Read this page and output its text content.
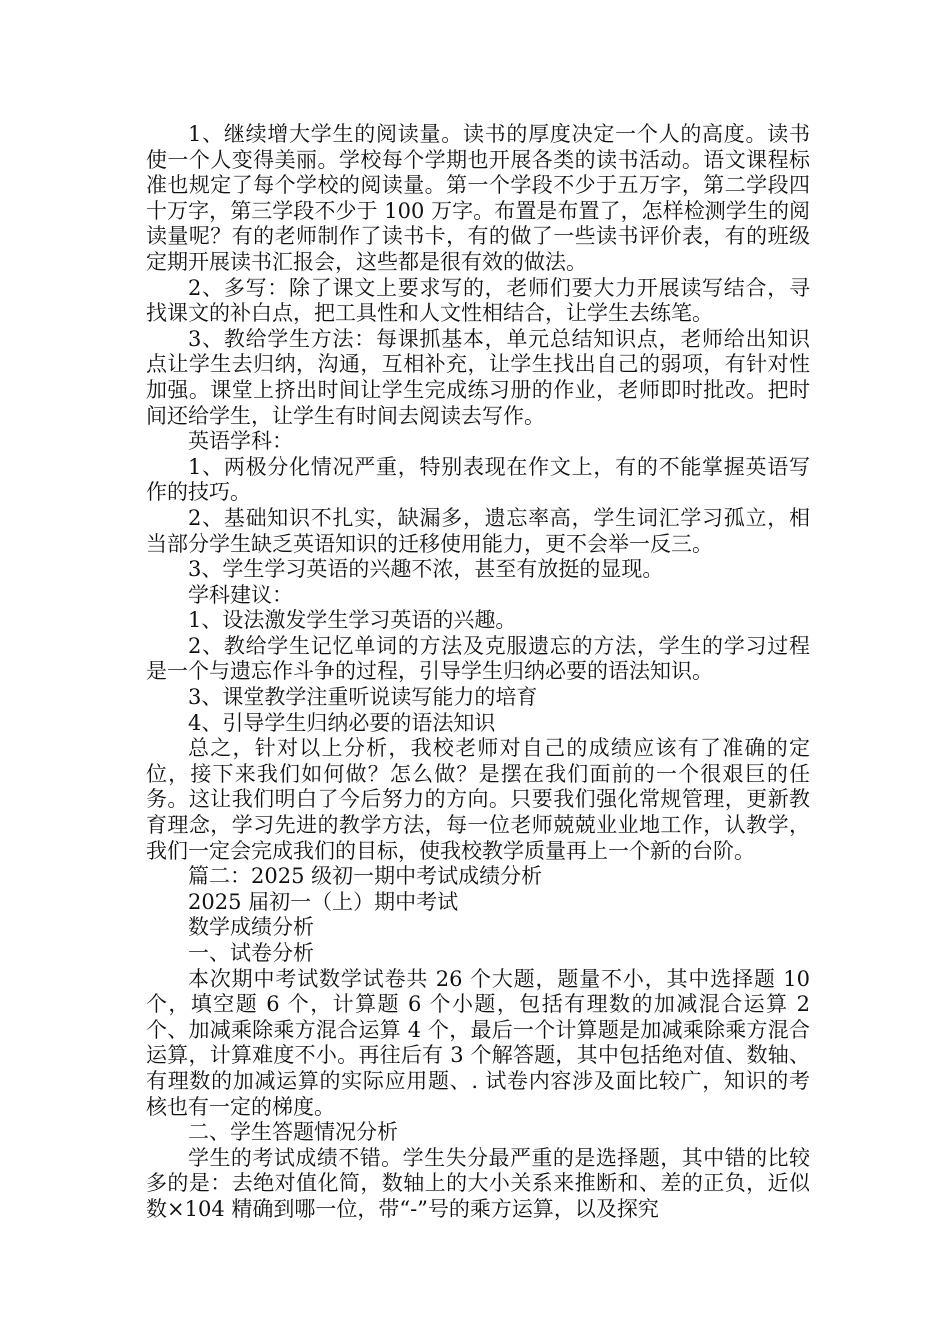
1、继续增大学生的阅读量。读书的厚度决定一个人的高度。读书使一个人变得美丽。学校每个学期也开展各类的读书活动。语文课程标准也规定了每个学校的阅读量。第一个学段不少于五万字，第二学段四十万字，第三学段不少于 100 万字。布置是布置了，怎样检测学生的阅读量呢？有的老师制作了读书卡，有的做了一些读书评价表，有的班级定期开展读书汇报会，这些都是很有效的做法。

2、多写：除了课文上要求写的，老师们要大力开展读写结合，寻找课文的补白点，把工具性和人文性相结合，让学生去练笔。

3、教给学生方法：每课抓基本，单元总结知识点，老师给出知识点让学生去归纳，沟通，互相补充，让学生找出自己的弱项，有针对性加强。课堂上挤出时间让学生完成练习册的作业，老师即时批改。把时间还给学生，让学生有时间去阅读去写作。

英语学科：

1、两极分化情况严重，特别表现在作文上，有的不能掌握英语写作的技巧。

2、基础知识不扎实，缺漏多，遗忘率高，学生词汇学习孤立，相当部分学生缺乏英语知识的迁移使用能力，更不会举一反三。

3、学生学习英语的兴趣不浓，甚至有放挺的显现。

学科建议：

1、设法激发学生学习英语的兴趣。

2、教给学生记忆单词的方法及克服遗忘的方法，学生的学习过程是一个与遗忘作斗争的过程，引导学生归纳必要的语法知识。

3、课堂教学注重听说读写能力的培育

4、引导学生归纳必要的语法知识

总之，针对以上分析，我校老师对自己的成绩应该有了准确的定位，接下来我们如何做？怎么做？是摆在我们面前的一个很艰巨的任务。这让我们明白了今后努力的方向。只要我们强化常规管理，更新教育理念，学习先进的教学方法，每一位老师兢兢业业地工作，认教学，我们一定会完成我们的目标，使我校教学质量再上一个新的台阶。

篇二：2025 级初一期中考试成绩分析

2025 届初一（上）期中考试

数学成绩分析

一、试卷分析

本次期中考试数学试卷共 26 个大题，题量不小，其中选择题 10 个，填空题 6 个，计算题 6 个小题，包括有理数的加减混合运算 2 个、加减乘除乘方混合运算 4 个，最后一个计算题是加减乘除乘方混合运算，计算难度不小。再往后有 3 个解答题，其中包括绝对值、数轴、有理数的加减运算的实际应用题、. 试卷内容涉及面比较广，知识的考核也有一定的梯度。

二、学生答题情况分析

学生的考试成绩不错。学生失分最严重的是选择题，其中错的比较多的是：去绝对值化简，数轴上的大小关系来推断和、差的正负，近似数×104 精确到哪一位，带“-”号的乘方运算，以及探究
